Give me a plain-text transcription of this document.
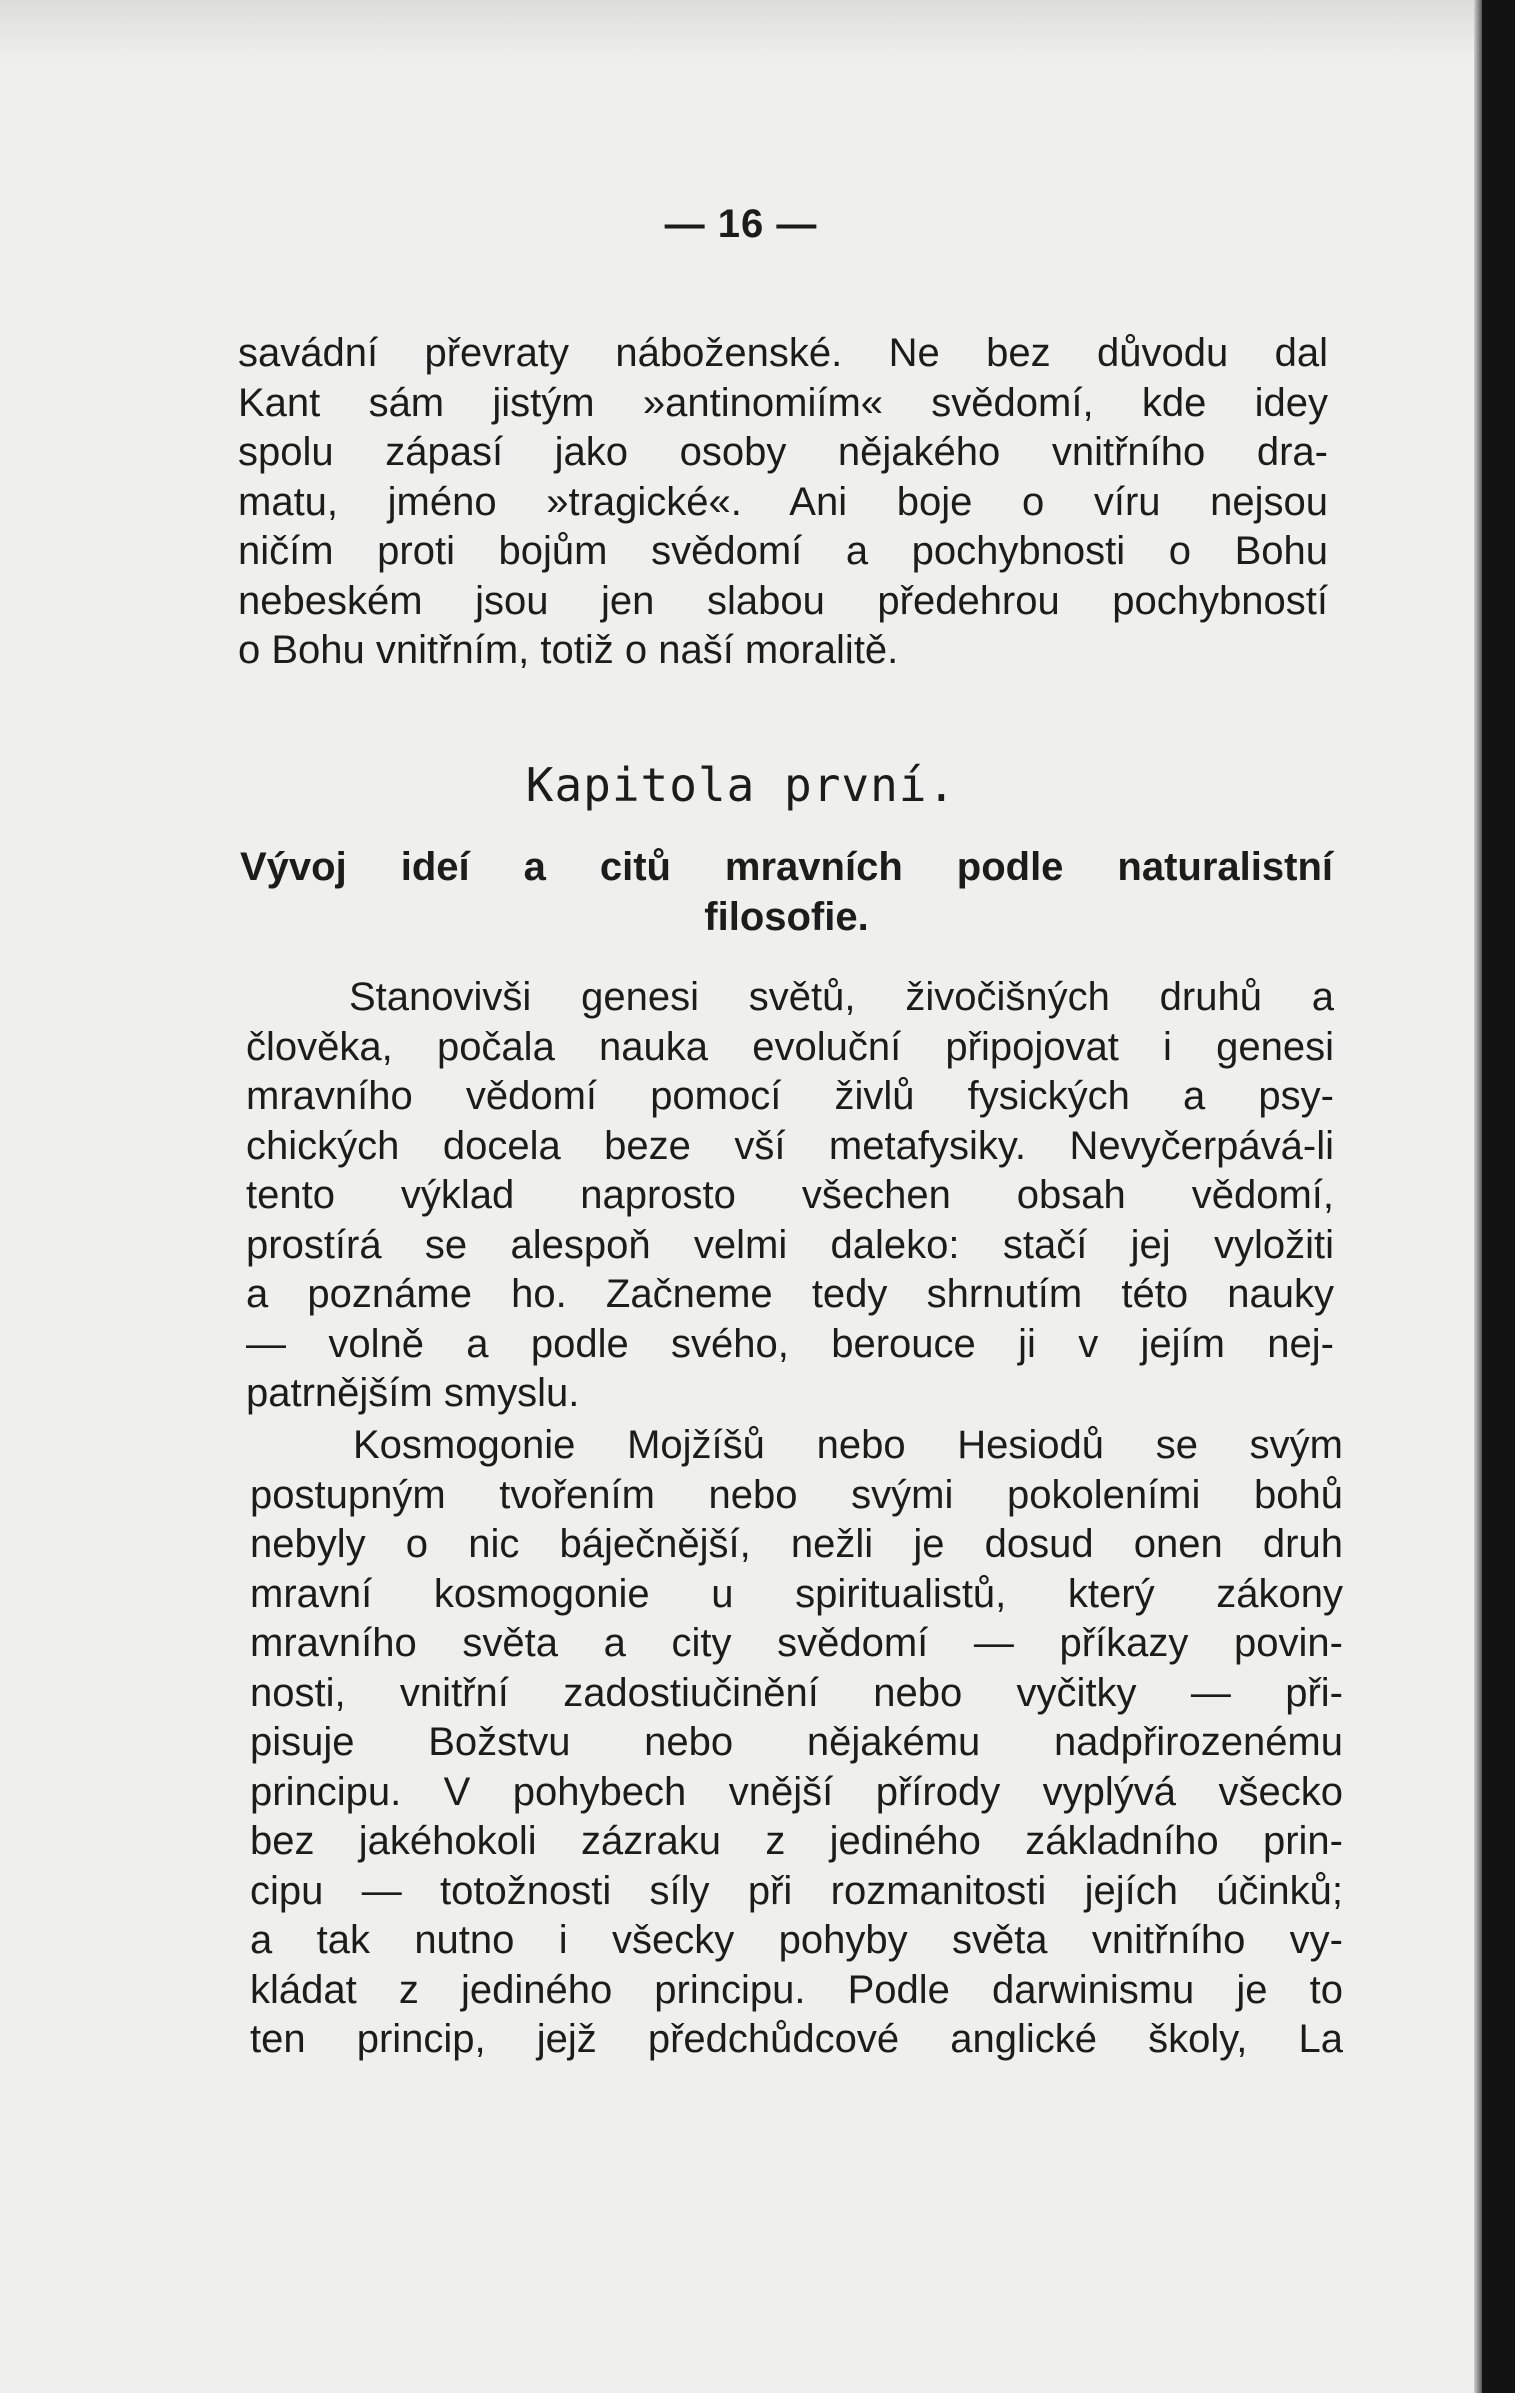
— 16 —

savádní převraty náboženské. Ne bez důvodu dal

Kant sám jistým »antinomiím« svědomí, kde idey

spolu zápasí jako osoby nějakého vnitřního dra-

matu, jméno »tragické«. Ani boje o víru nejsou

ničím proti bojům svědomí a pochybnosti o Bohu

nebeském jsou jen slabou předehrou pochybností

o Bohu vnitřním, totiž o naší moralitě.

Kapitola první.
Vývoj ideí a citů mravních podle naturalistní
filosofie.

Stanovivši genesi světů, živočišných druhů a

člověka, počala nauka evoluční připojovat i genesi

mravního vědomí pomocí živlů fysických a psy-

chických docela beze vší metafysiky. Nevyčerpává-li

tento výklad naprosto všechen obsah vědomí,

prostírá se alespoň velmi daleko: stačí jej vyložiti

a poznáme ho. Začneme tedy shrnutím této nauky

— volně a podle svého, berouce ji v jejím nej-

patrnějším smyslu.

Kosmogonie Mojžíšů nebo Hesiodů se svým

postupným tvořením nebo svými pokoleními bohů

nebyly o nic báječnější, nežli je dosud onen druh

mravní kosmogonie u spiritualistů, který zákony

mravního světa a city svědomí — příkazy povin-

nosti, vnitřní zadostiučinění nebo vyčitky — při-

pisuje Božstvu nebo nějakému nadpřirozenému

principu. V pohybech vnější přírody vyplývá všecko

bez jakéhokoli zázraku z jediného základního prin-

cipu — totožnosti síly při rozmanitosti jejích účinků;

a tak nutno i všecky pohyby světa vnitřního vy-

kládat z jediného principu. Podle darwinismu je to

ten princip, jejž předchůdcové anglické školy, La
